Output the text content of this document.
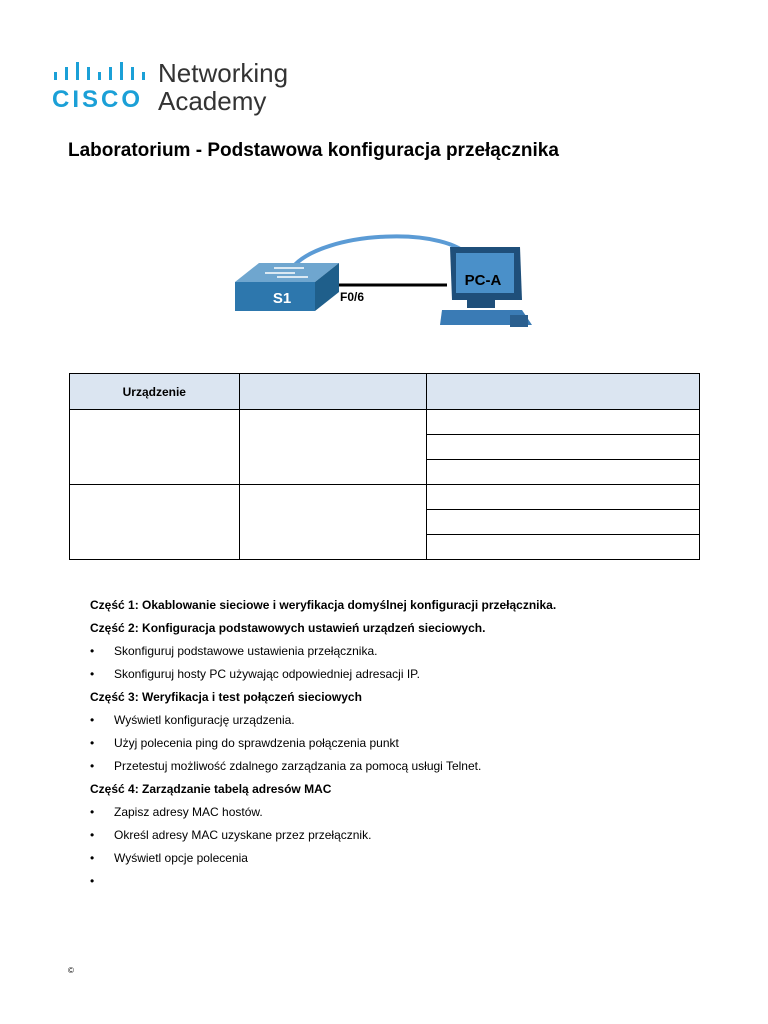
CISCO
Networking
Academy
Laboratorium - Podstawowa konfiguracja przełącznika
S1	F0/6
PC-A
Urządzenie		

Część 1: Okablowanie sieciowe i weryfikacja domyślnej konfiguracji przełącznika.
Część 2: Konfiguracja podstawowych ustawień urządzeń sieciowych.
• Skonfiguruj podstawowe ustawienia przełącznika.
• Skonfiguruj hosty PC używając odpowiedniej adresacji IP.
Część 3: Weryfikacja i test połączeń sieciowych
• Wyświetl konfigurację urządzenia.
• Użyj polecenia ping do sprawdzenia połączenia punkt
• Przetestuj możliwość zdalnego zarządzania za pomocą usługi Telnet.
Część 4: Zarządzanie tabelą adresów MAC
• Zapisz adresy MAC hostów.
• Określ adresy MAC uzyskane przez przełącznik.
• Wyświetl opcje polecenia
•
©
